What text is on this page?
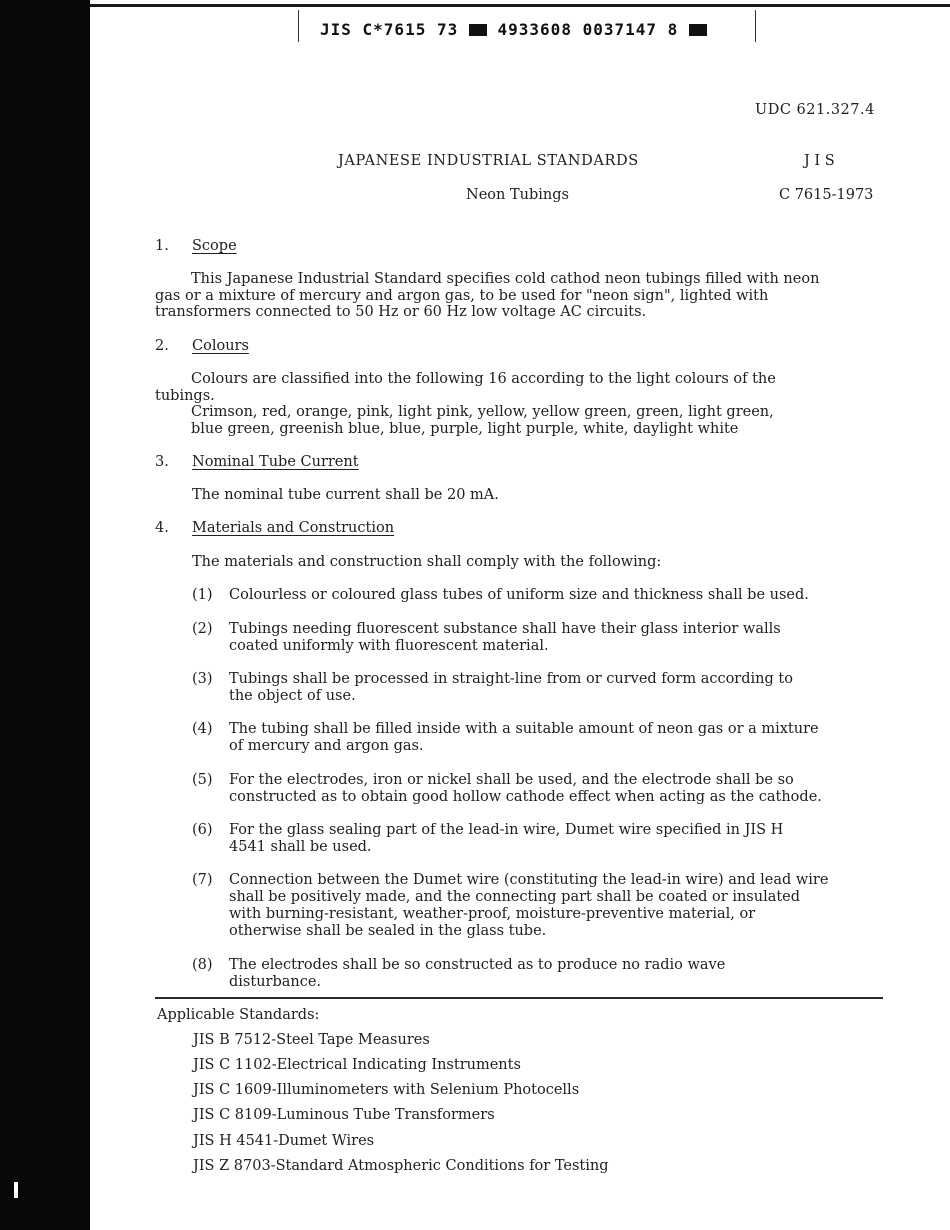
JIS C*7615 73 4933608 0037147 8
UDC 621.327.4
JAPANESE INDUSTRIAL STANDARDS	J I S
Neon Tubings	C 7615-1973
1. Scope
This Japanese Industrial Standard specifies cold cathod neon tubings filled with neon
gas or a mixture of mercury and argon gas, to be used for "neon sign", lighted with
transformers connected to 50 Hz or 60 Hz low voltage AC circuits.
2. Colours
Colours are classified into the following 16 according to the light colours of the
tubings.
Crimson, red, orange, pink, light pink, yellow, yellow green, green, light green,
blue green, greenish blue, blue, purple, light purple, white, daylight white
3. Nominal Tube Current
The nominal tube current shall be 20 mA.
4. Materials and Construction
The materials and construction shall comply with the following:
(1) Colourless or coloured glass tubes of uniform size and thickness shall be used.
(2) Tubings needing fluorescent substance shall have their glass interior walls
coated uniformly with fluorescent material.
(3) Tubings shall be processed in straight-line from or curved form according to
the object of use.
(4) The tubing shall be filled inside with a suitable amount of neon gas or a mixture
of mercury and argon gas.
(5) For the electrodes, iron or nickel shall be used, and the electrode shall be so
constructed as to obtain good hollow cathode effect when acting as the cathode.
(6) For the glass sealing part of the lead-in wire, Dumet wire specified in JIS H
4541 shall be used.
(7) Connection between the Dumet wire (constituting the lead-in wire) and lead wire
shall be positively made, and the connecting part shall be coated or insulated
with burning-resistant, weather-proof, moisture-preventive material, or
otherwise shall be sealed in the glass tube.
(8) The electrodes shall be so constructed as to produce no radio wave
disturbance.
Applicable Standards:
JIS B 7512-Steel Tape Measures
JIS C 1102-Electrical Indicating Instruments
JIS C 1609-Illuminometers with Selenium Photocells
JIS C 8109-Luminous Tube Transformers
JIS H 4541-Dumet Wires
JIS Z 8703-Standard Atmospheric Conditions for Testing
